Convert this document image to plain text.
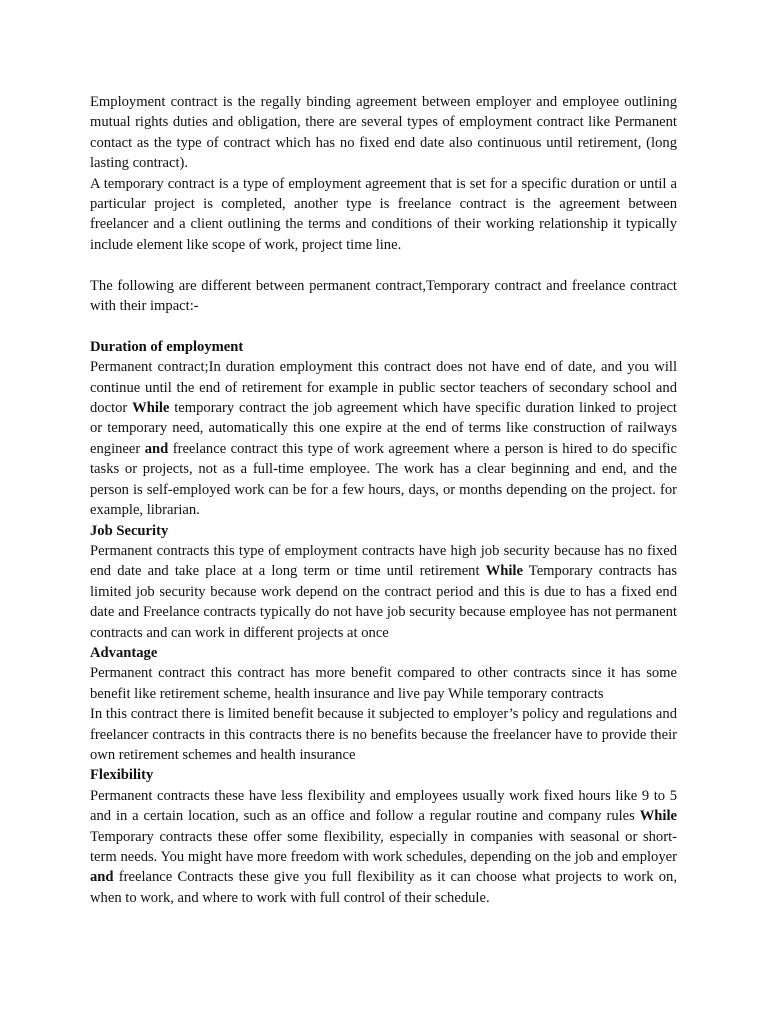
Employment contract is the regally binding agreement between employer and employee outlining mutual rights duties and obligation, there are several types of employment contract like Permanent contact as the type of contract which has no fixed end date also continuous until retirement, (long lasting contract).

A temporary contract is a type of employment agreement that is set for a specific duration or until a particular project is completed, another type is freelance contract is the agreement between freelancer and a client outlining the terms and conditions of their working relationship it typically include element like scope of work, project time line.

The following are different between permanent contract,Temporary contract and freelance contract with their impact:-

Duration of employment

Permanent contract;In duration employment this contract does not have end of date, and you will continue until the end of retirement for example in public sector teachers of secondary school and doctor While temporary contract the job agreement which have specific duration linked to project or temporary need, automatically this one expire at the end of terms like construction of railways engineer and freelance contract this type of work agreement where a person is hired to do specific tasks or projects, not as a full-time employee. The work has a clear beginning and end, and the person is self-employed work can be for a few hours, days, or months depending on the project. for example, librarian.

Job Security

Permanent contracts this type of employment contracts have high job security because has no fixed end date and take place at a long term or time until retirement While Temporary contracts has limited job security because work depend on the contract period and this is due to has a fixed end date and Freelance contracts typically do not have job security because employee has not permanent contracts and can work in different projects at once

Advantage

Permanent contract this contract has more benefit compared to other contracts since it has some benefit like retirement scheme, health insurance and live pay While temporary contracts

In this contract there is limited benefit because it subjected to employer’s policy and regulations and freelancer contracts in this contracts there is no benefits because the freelancer have to provide their own retirement schemes and health insurance

Flexibility

Permanent contracts these have less flexibility and employees usually work fixed hours like 9 to 5 and in a certain location, such as an office and follow a regular routine and company rules While Temporary contracts these offer some flexibility, especially in companies with seasonal or short-term needs. You might have more freedom with work schedules, depending on the job and employer and freelance Contracts these give you full flexibility as it can choose what projects to work on, when to work, and where to work with full control of their schedule.
